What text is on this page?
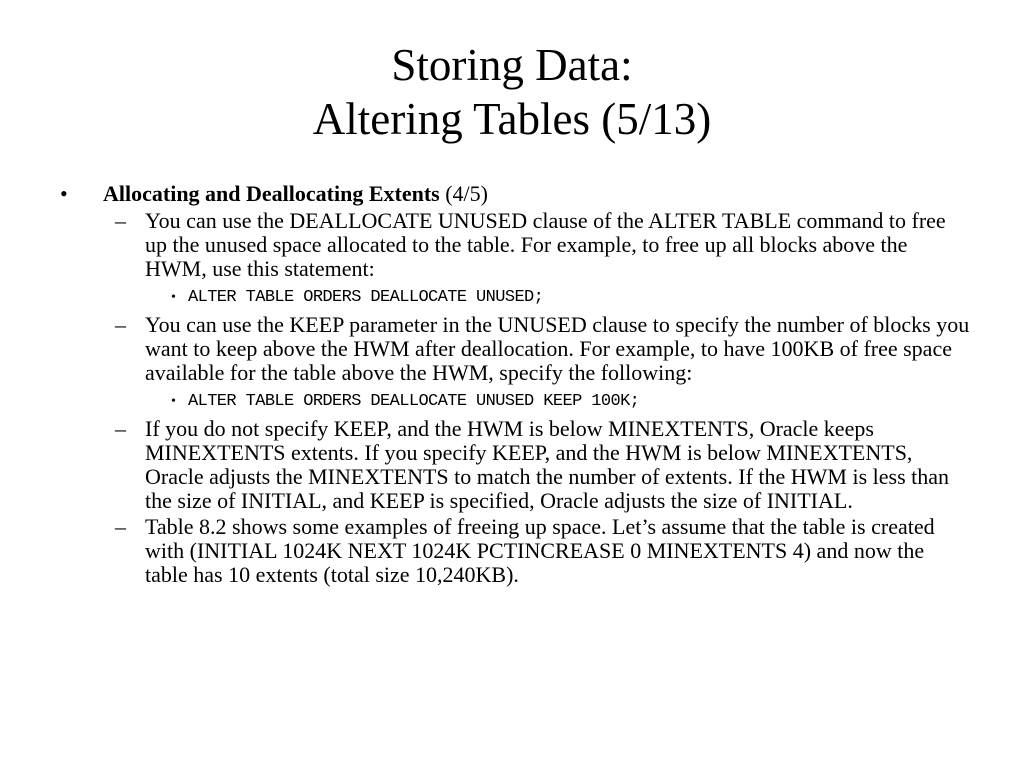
Storing Data:
Altering Tables (5/13)
• Allocating and Deallocating Extents (4/5)
– You can use the DEALLOCATE UNUSED clause of the ALTER TABLE command to free up the unused space allocated to the table. For example, to free up all blocks above the HWM, use this statement:
• ALTER TABLE ORDERS DEALLOCATE UNUSED;
– You can use the KEEP parameter in the UNUSED clause to specify the number of blocks you want to keep above the HWM after deallocation. For example, to have 100KB of free space available for the table above the HWM, specify the following:
• ALTER TABLE ORDERS DEALLOCATE UNUSED KEEP 100K;
– If you do not specify KEEP, and the HWM is below MINEXTENTS, Oracle keeps MINEXTENTS extents. If you specify KEEP, and the HWM is below MINEXTENTS, Oracle adjusts the MINEXTENTS to match the number of extents. If the HWM is less than the size of INITIAL, and KEEP is specified, Oracle adjusts the size of INITIAL.
– Table 8.2 shows some examples of freeing up space. Let’s assume that the table is created with (INITIAL 1024K NEXT 1024K PCTINCREASE 0 MINEXTENTS 4) and now the table has 10 extents (total size 10,240KB).
